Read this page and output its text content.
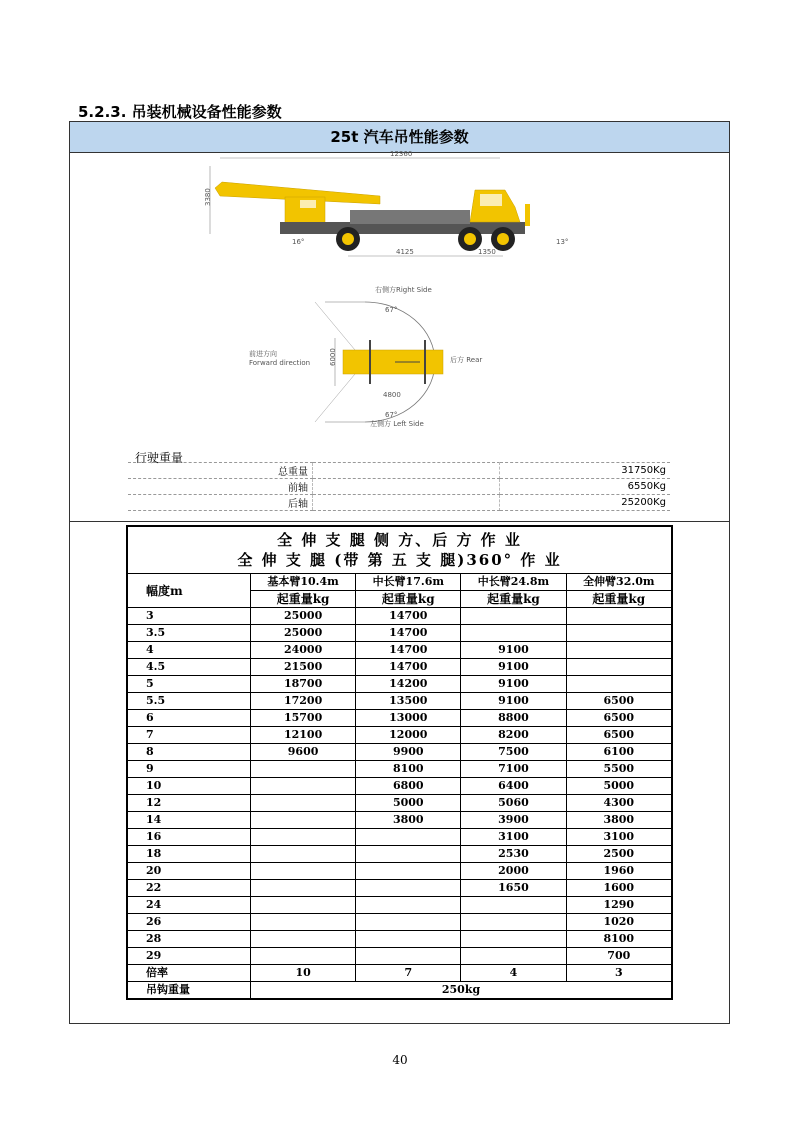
5.2.3. 吊装机械设备性能参数
25t 汽车吊性能参数
12360
3380
16°	13°
4125	1350
右侧方Right Side
67°
67°
前进方向
Forward direction	后方 Rear
6000
4800
左侧方 Left Side
行驶重量
总重量		31750Kg
前轴		6550Kg
后轴		25200Kg
全 伸 支 腿 侧 方、后 方 作 业
全 伸 支 腿 (带 第 五 支 腿)360° 作 业				

幅度m	基本臂10.4m	中长臂17.6m	中长臂24.8m	全伸臂32.0m
	起重量kg	起重量kg	起重量kg	起重量kg
3	25000	14700		
3.5	25000	14700		
4	24000	14700	9100	
4.5	21500	14700	9100	
5	18700	14200	9100	
5.5	17200	13500	9100	6500
6	15700	13000	8800	6500
7	12100	12000	8200	6500
8	9600	9900	7500	6100
9		8100	7100	5500
10		6800	6400	5000
12		5000	5060	4300
14		3800	3900	3800
16			3100	3100
18			2530	2500
20			2000	1960
22			1650	1600
24				1290
26				1020
28				8100
29				700
倍率	10	7	4	3
吊钩重量	250kg			
40
